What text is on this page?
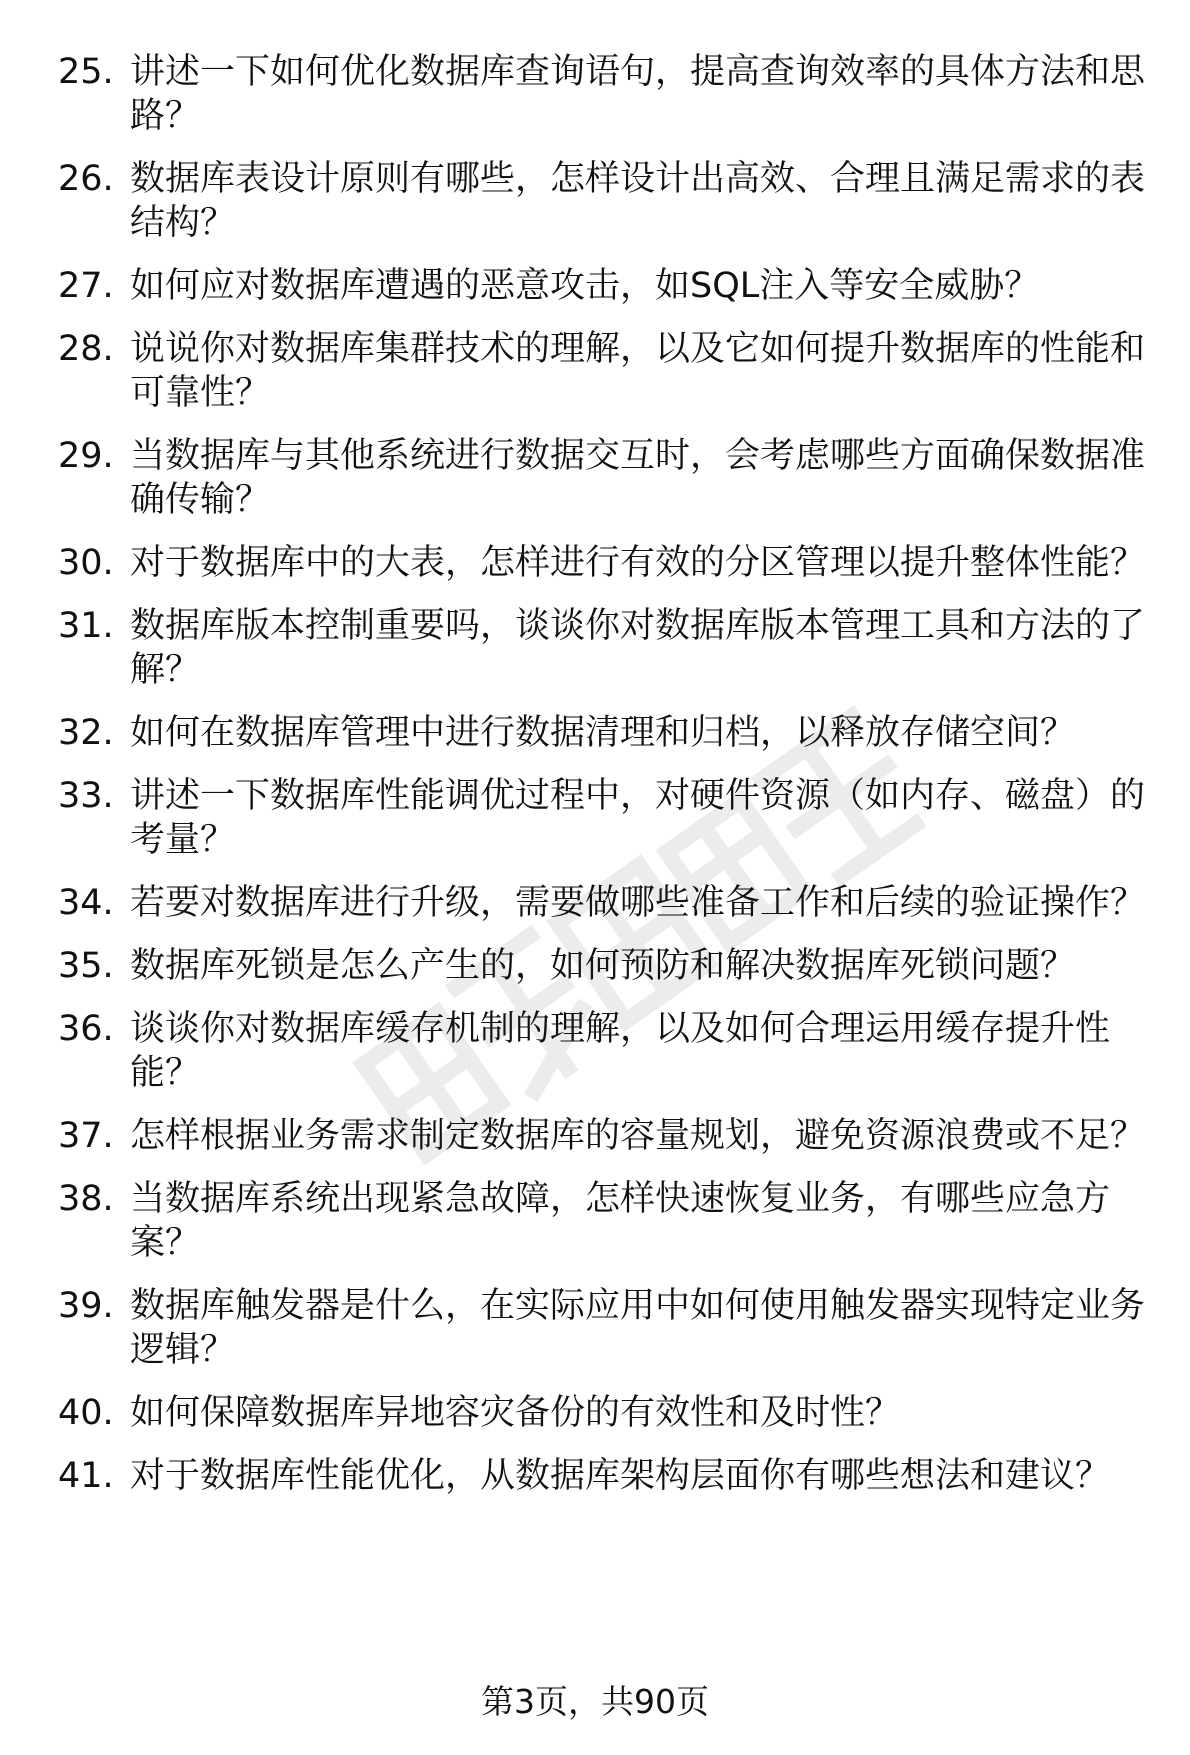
25. 讲述一下如何优化数据库查询语句，提高查询效率的具体方法和思路？
26. 数据库表设计原则有哪些，怎样设计出高效、合理且满足需求的表结构？
27. 如何应对数据库遭遇的恶意攻击，如SQL注入等安全威胁？
28. 说说你对数据库集群技术的理解，以及它如何提升数据库的性能和可靠性？
29. 当数据库与其他系统进行数据交互时，会考虑哪些方面确保数据准确传输？
30. 对于数据库中的大表，怎样进行有效的分区管理以提升整体性能？
31. 数据库版本控制重要吗，谈谈你对数据库版本管理工具和方法的了解？
32. 如何在数据库管理中进行数据清理和归档，以释放存储空间？
33. 讲述一下数据库性能调优过程中，对硬件资源（如内存、磁盘）的考量？
34. 若要对数据库进行升级，需要做哪些准备工作和后续的验证操作？
35. 数据库死锁是怎么产生的，如何预防和解决数据库死锁问题？
36. 谈谈你对数据库缓存机制的理解，以及如何合理运用缓存提升性能？
37. 怎样根据业务需求制定数据库的容量规划，避免资源浪费或不足？
38. 当数据库系统出现紧急故障，怎样快速恢复业务，有哪些应急方案？
39. 数据库触发器是什么，在实际应用中如何使用触发器实现特定业务逻辑？
40. 如何保障数据库异地容灾备份的有效性和及时性？
41. 对于数据库性能优化，从数据库架构层面你有哪些想法和建议？
第3页，共90页
